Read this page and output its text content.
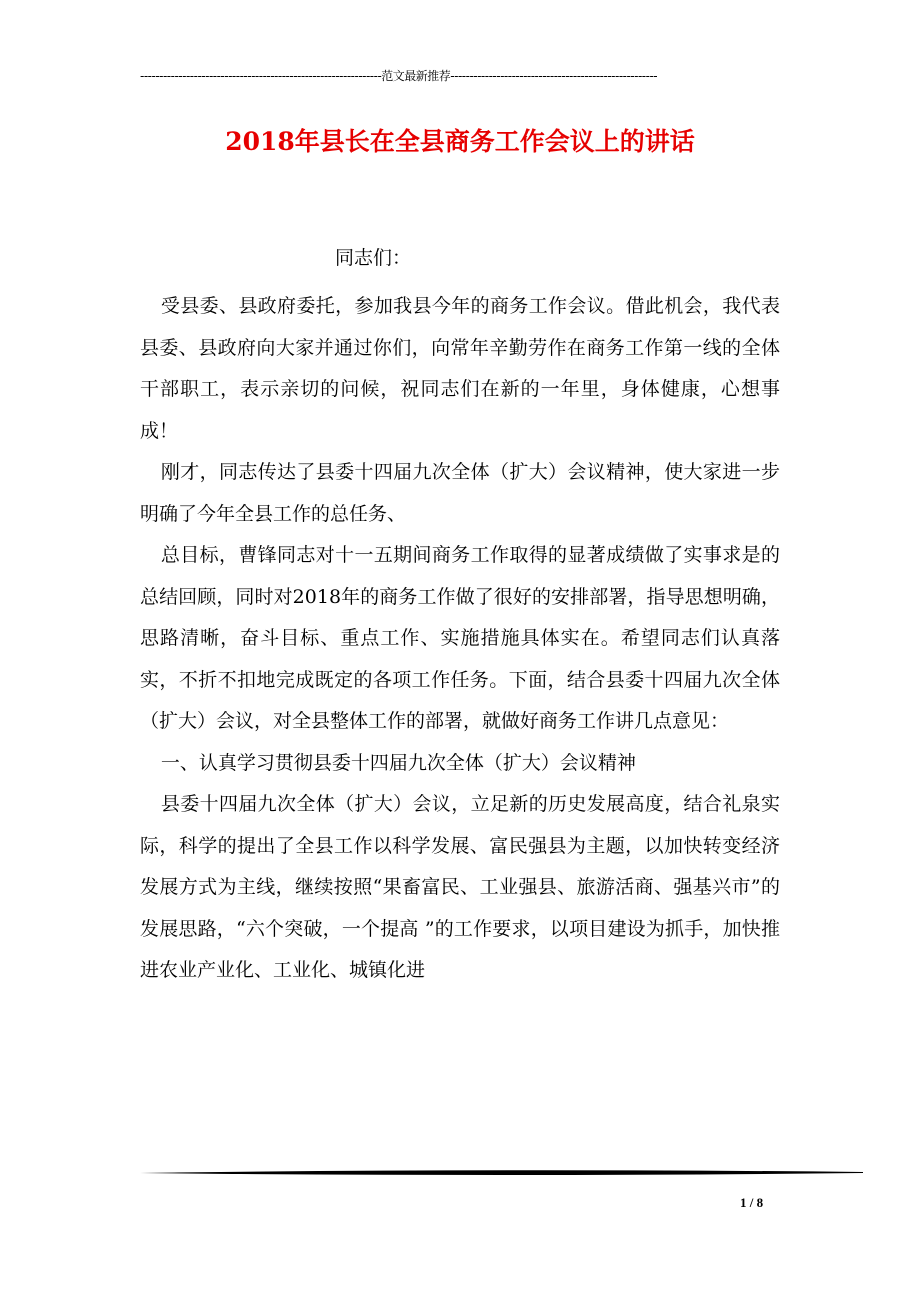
---------------------------------------------------------------范文最新推荐------------------------------------------------------
2018年县长在全县商务工作会议上的讲话
同志们：

受县委、县政府委托，参加我县今年的商务工作会议。借此机会，我代表县委、县政府向大家并通过你们，向常年辛勤劳作在商务工作第一线的全体干部职工，表示亲切的问候，祝同志们在新的一年里，身体健康，心想事成！

刚才，同志传达了县委十四届九次全体（扩大）会议精神，使大家进一步明确了今年全县工作的总任务、

总目标，曹锋同志对十一五期间商务工作取得的显著成绩做了实事求是的总结回顾，同时对2018年的商务工作做了很好的安排部署，指导思想明确，思路清晰，奋斗目标、重点工作、实施措施具体实在。希望同志们认真落实，不折不扣地完成既定的各项工作任务。下面，结合县委十四届九次全体（扩大）会议，对全县整体工作的部署，就做好商务工作讲几点意见：

一、认真学习贯彻县委十四届九次全体（扩大）会议精神

县委十四届九次全体（扩大）会议，立足新的历史发展高度，结合礼泉实际，科学的提出了全县工作以科学发展、富民强县为主题，以加快转变经济发展方式为主线，继续按照“果畜富民、工业强县、旅游活商、强基兴市”的发展思路，“六个突破，一个提高 ”的工作要求，以项目建设为抓手，加快推进农业产业化、工业化、城镇化进

1 / 8
